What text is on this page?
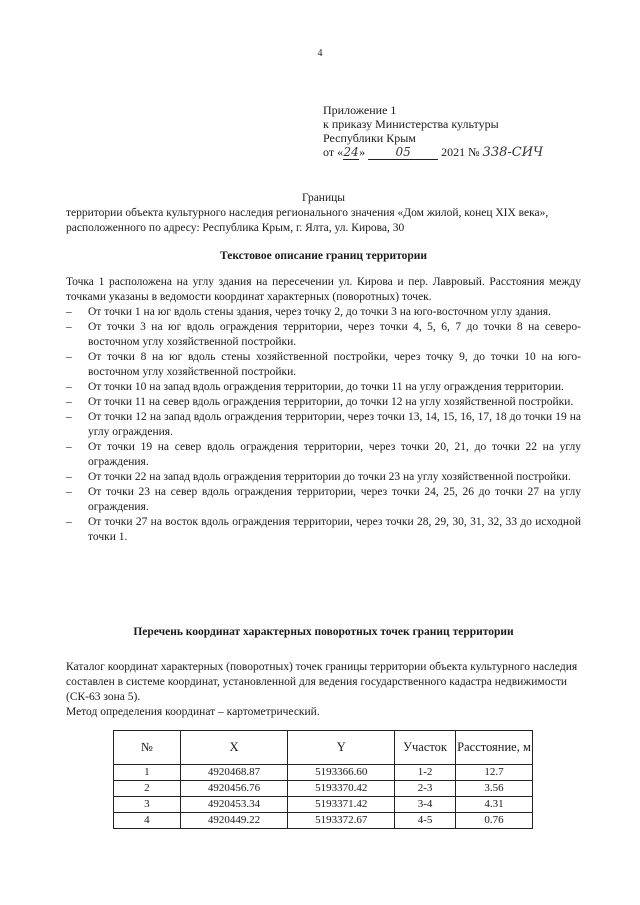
4
Приложение 1
к приказу Министерства культуры
Республики Крым
от «24»	05	2021 № 338-СИЧ
Границы
территории объекта культурного наследия регионального значения «Дом жилой, конец XIX века», расположенного по адресу: Республика Крым, г. Ялта, ул. Кирова, 30
Текстовое описание границ территории
Точка 1 расположена на углу здания на пересечении ул. Кирова и пер. Лавровый. Расстояния между точками указаны в ведомости координат характерных (поворотных) точек.
– От точки 1 на юг вдоль стены здания, через точку 2, до точки 3 на юго-восточном углу здания.
– От точки 3 на юг вдоль ограждения территории, через точки 4, 5, 6, 7 до точки 8 на северо-восточном углу хозяйственной постройки.
– От точки 8 на юг вдоль стены хозяйственной постройки, через точку 9, до точки 10 на юго-восточном углу хозяйственной постройки.
– От точки 10 на запад вдоль ограждения территории, до точки 11 на углу ограждения территории.
– От точки 11 на север вдоль ограждения территории, до точки 12 на углу хозяйственной постройки.
– От точки 12 на запад вдоль ограждения территории, через точки 13, 14, 15, 16, 17, 18 до точки 19 на углу ограждения.
– От точки 19 на север вдоль ограждения территории, через точки 20, 21, до точки 22 на углу ограждения.
– От точки 22 на запад вдоль ограждения территории до точки 23 на углу хозяйственной постройки.
– От точки 23 на север вдоль ограждения территории, через точки 24, 25, 26 до точки 27 на углу ограждения.
– От точки 27 на восток вдоль ограждения территории, через точки 28, 29, 30, 31, 32, 33 до исходной точки 1.
Перечень координат характерных поворотных точек границ территории
Каталог координат характерных (поворотных) точек границы территории объекта культурного наследия составлен в системе координат, установленной для ведения государственного кадастра недвижимости (СК-63 зона 5).
Метод определения координат – картометрический.
№	X	Y	Участок	Расстояние, м
1	4920468.87	5193366.60	1-2	12.7
2	4920456.76	5193370.42	2-3	3.56
3	4920453.34	5193371.42	3-4	4.31
4	4920449.22	5193372.67	4-5	0.76
